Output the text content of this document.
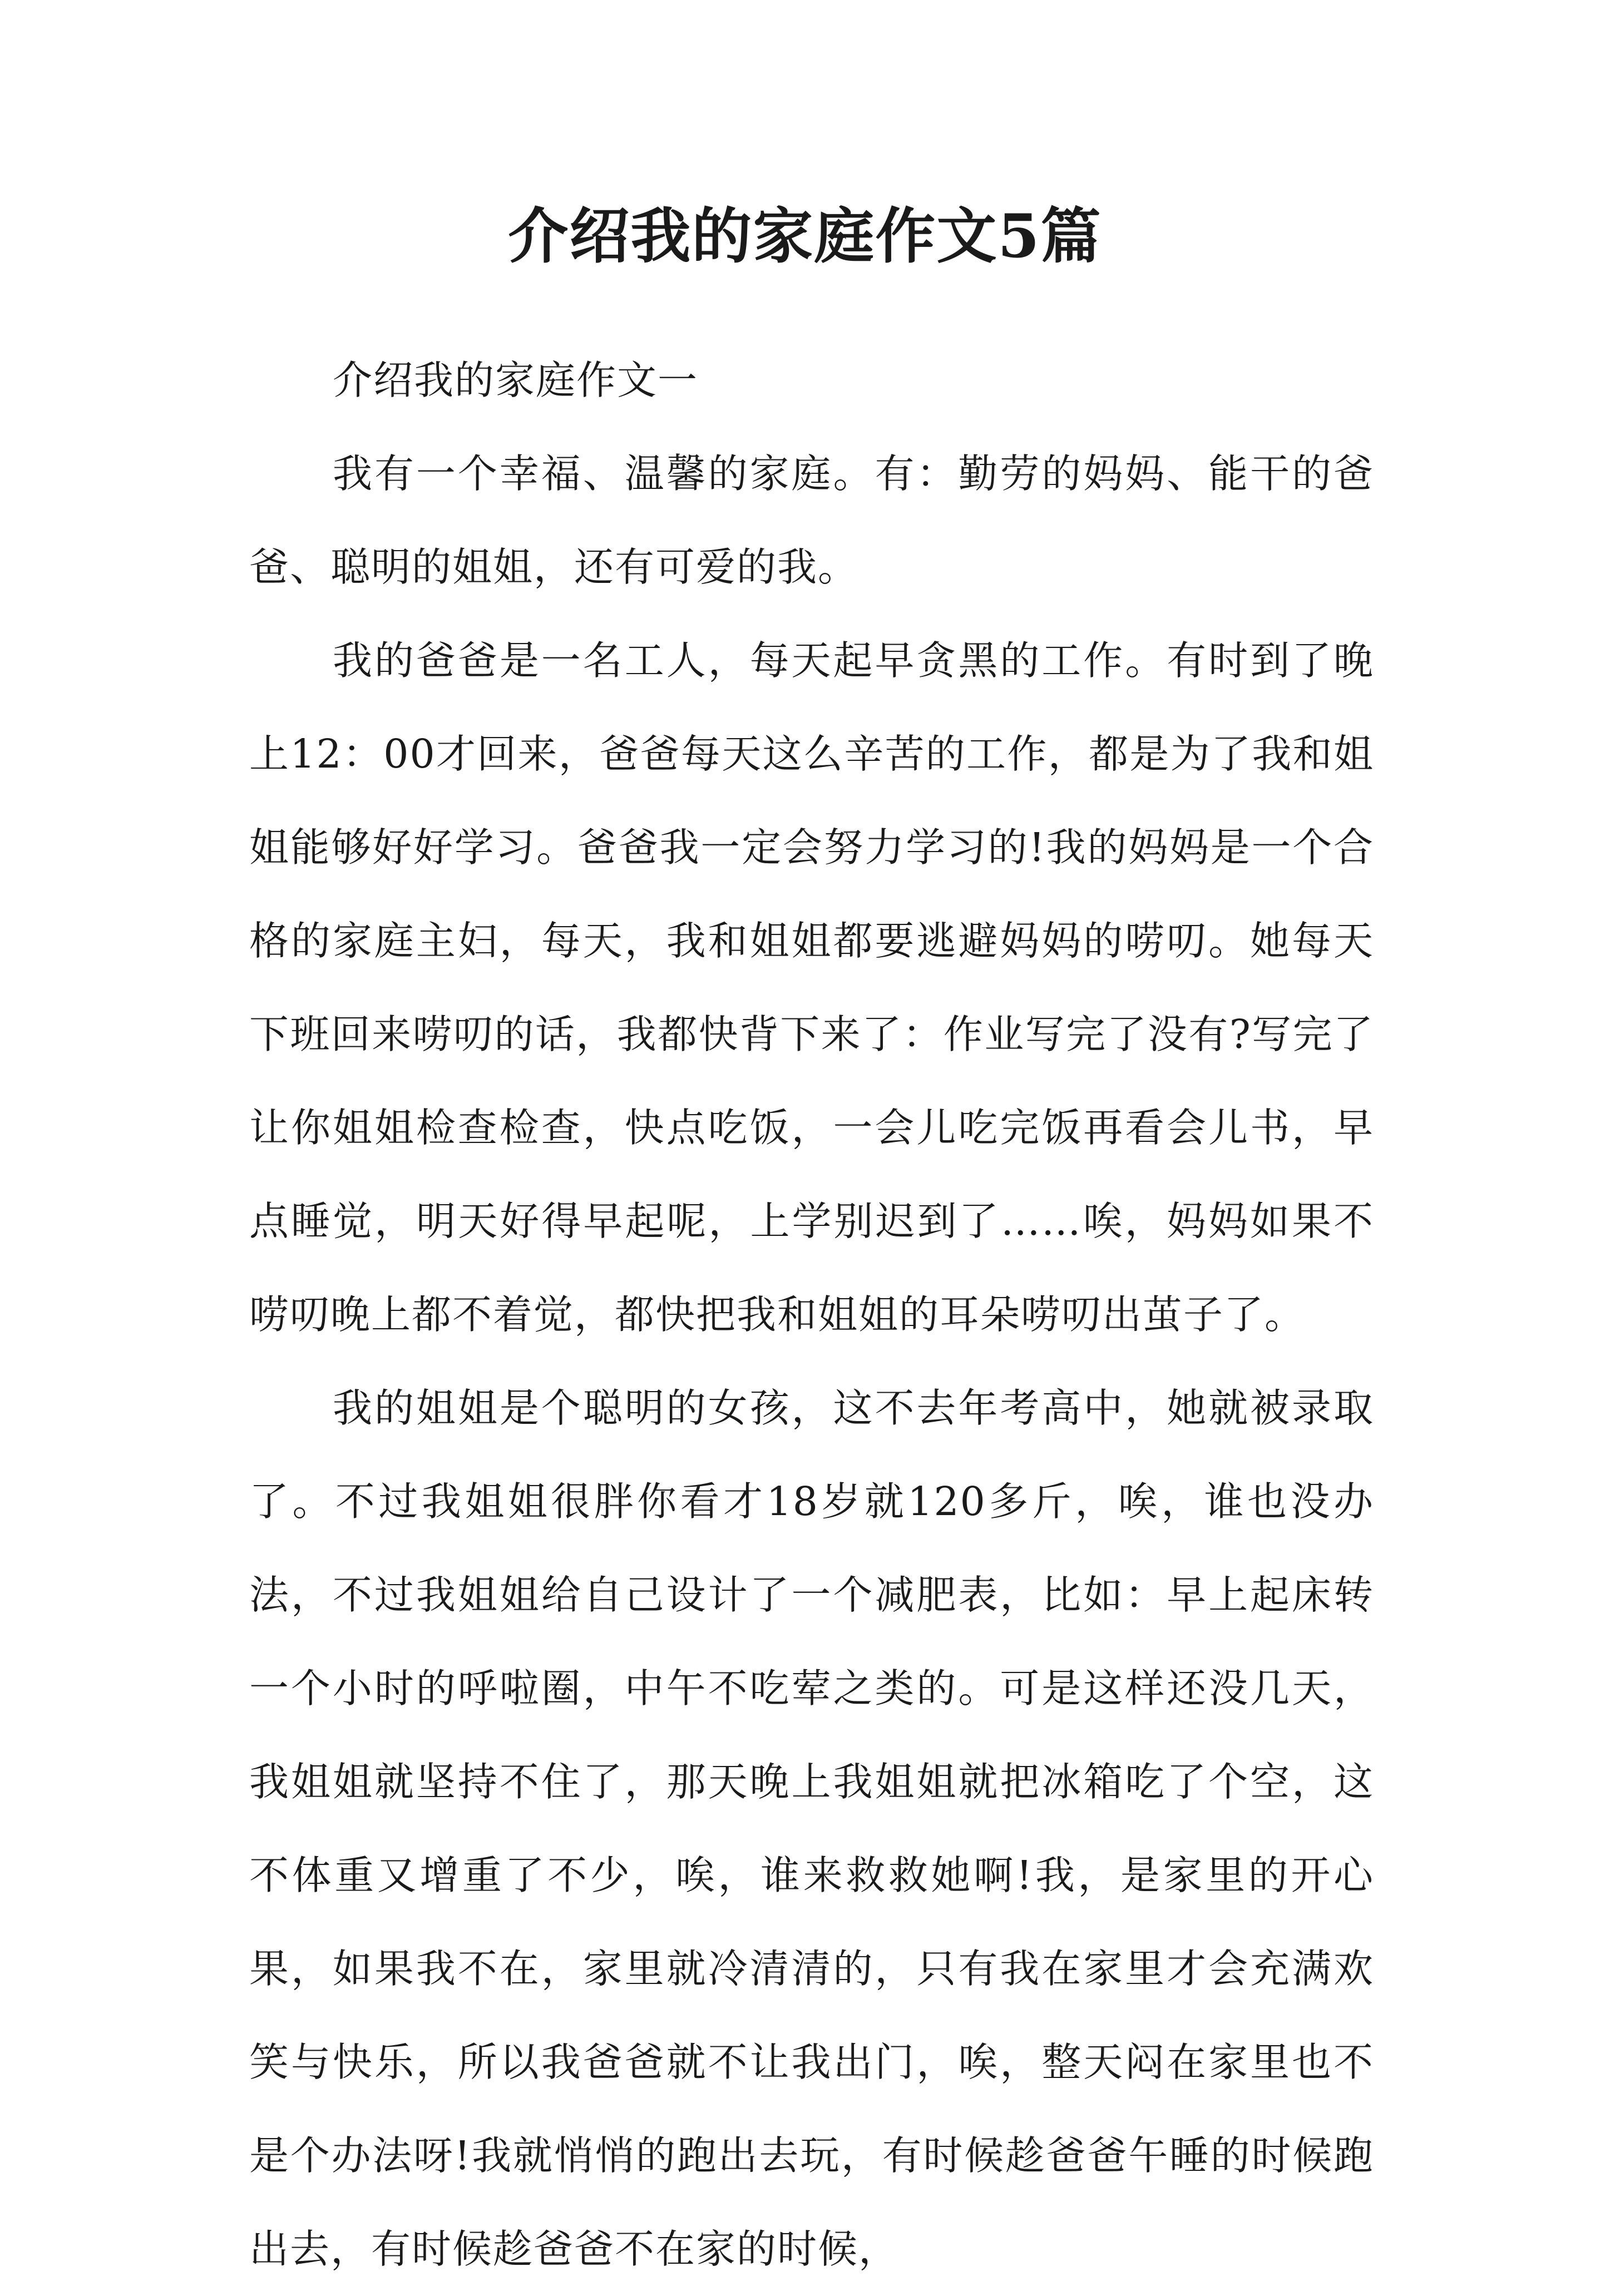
介绍我的家庭作文5篇

介绍我的家庭作文一

我有一个幸福、温馨的家庭。有：勤劳的妈妈、能干的爸爸、聪明的姐姐，还有可爱的我。

我的爸爸是一名工人，每天起早贪黑的工作。有时到了晚上12：00才回来，爸爸每天这么辛苦的工作，都是为了我和姐姐能够好好学习。爸爸我一定会努力学习的!我的妈妈是一个合格的家庭主妇，每天，我和姐姐都要逃避妈妈的唠叨。她每天下班回来唠叨的话，我都快背下来了：作业写完了没有?写完了让你姐姐检查检查，快点吃饭，一会儿吃完饭再看会儿书，早点睡觉，明天好得早起呢，上学别迟到了……唉，妈妈如果不唠叨晚上都不着觉，都快把我和姐姐的耳朵唠叨出茧子了。

我的姐姐是个聪明的女孩，这不去年考高中，她就被录取了。不过我姐姐很胖你看才18岁就120多斤，唉，谁也没办法，不过我姐姐给自己设计了一个减肥表，比如：早上起床转一个小时的呼啦圈，中午不吃荤之类的。可是这样还没几天，我姐姐就坚持不住了，那天晚上我姐姐就把冰箱吃了个空，这不体重又增重了不少，唉，谁来救救她啊!我，是家里的开心果，如果我不在，家里就冷清清的，只有我在家里才会充满欢笑与快乐，所以我爸爸就不让我出门，唉，整天闷在家里也不是个办法呀!我就悄悄的跑出去玩，有时候趁爸爸午睡的时候跑出去，有时候趁爸爸不在家的时候，
